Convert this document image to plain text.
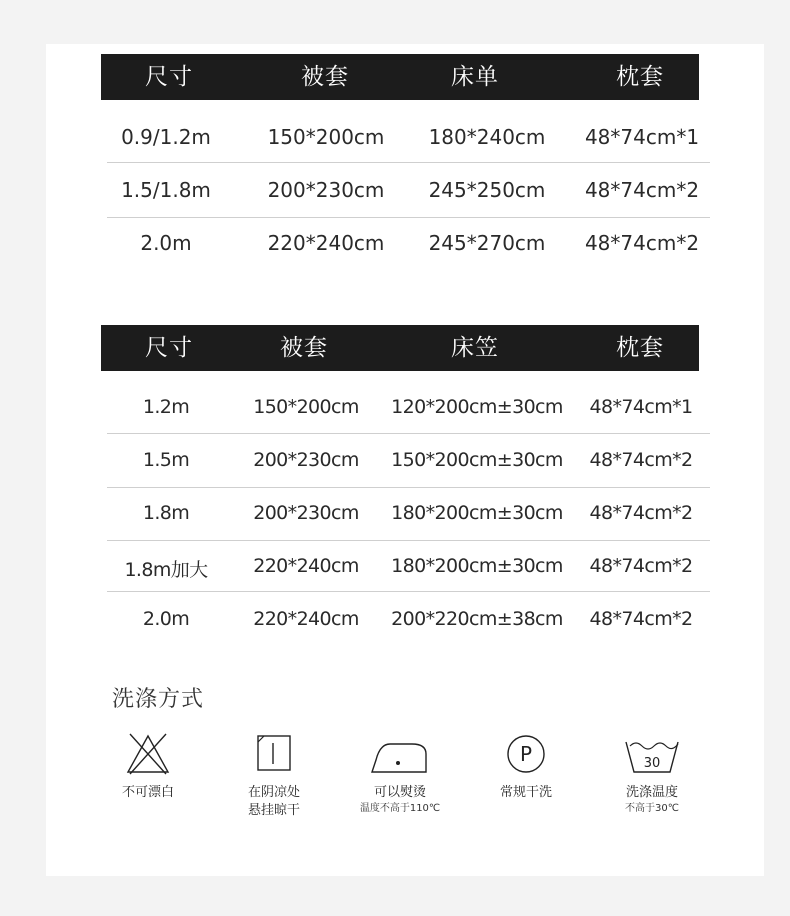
尺寸	被套	床单	枕套
0.9/1.2m	150*200cm 180*240cm 48*74cm*1
1.5/1.8m	200*230cm 245*250cm 48*74cm*2
2.0m	220*240cm 245*270cm 48*74cm*2
尺寸	被套	床笠	枕套
1.2m	150*200cm 120*200cm±30cm 48*74cm*1
1.5m	200*230cm 150*200cm±30cm 48*74cm*2
1.8m	200*230cm 180*200cm±30cm 48*74cm*2
1.8m加大 220*240cm 180*200cm±30cm 48*74cm*2
2.0m	220*240cm 200*220cm±38cm 48*74cm*2
洗涤方式
不可漂白	在阴凉处
悬挂晾干
可以熨烫
温度不高于110℃
P
常规干洗
30
洗涤温度
不高于30℃
